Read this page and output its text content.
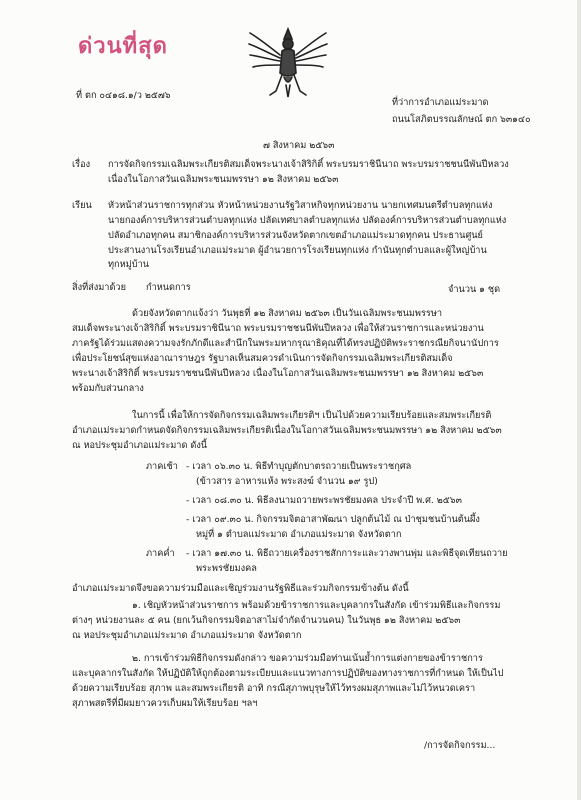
ด่วนที่สุด
ที่ ตก ๐๔๑๘.๑/ว ๒๕๗๖
ที่ว่าการอำเภอแม่ระมาด
ถนนโสภิตบรรณลักษณ์ ตก ๖๓๑๔๐
๗ สิงหาคม ๒๕๖๓
เรื่อง การจัดกิจกรรมเฉลิมพระเกียรติสมเด็จพระนางเจ้าสิริกิติ์ พระบรมราชินีนาถ พระบรมราชชนนีพันปีหลวง
เนื่องในโอกาสวันเฉลิมพระชนมพรรษา ๑๒ สิงหาคม ๒๕๖๓
เรียน หัวหน้าส่วนราชการทุกส่วน หัวหน้าหน่วยงานรัฐวิสาหกิจทุกหน่วยงาน นายกเทศมนตรีตำบลทุกแห่ง
นายกองค์การบริหารส่วนตำบลทุกแห่ง ปลัดเทศบาลตำบลทุกแห่ง ปลัดองค์การบริหารส่วนตำบลทุกแห่ง
ปลัดอำเภอทุกคน สมาชิกองค์การบริหารส่วนจังหวัดตากเขตอำเภอแม่ระมาดทุกคน ประธานศูนย์
ประสานงานโรงเรียนอำเภอแม่ระมาด ผู้อำนวยการโรงเรียนทุกแห่ง กำนันทุกตำบลและผู้ใหญ่บ้าน
ทุกหมู่บ้าน
สิ่งที่ส่งมาด้วย กำหนดการ	จำนวน ๑ ชุด
ด้วยจังหวัดตากแจ้งว่า วันพุธที่ ๑๒ สิงหาคม ๒๕๖๓ เป็นวันเฉลิมพระชนมพรรษา
สมเด็จพระนางเจ้าสิริกิติ์ พระบรมราชินีนาถ พระบรมราชชนนีพันปีหลวง เพื่อให้ส่วนราชการและหน่วยงาน
ภาครัฐได้ร่วมแสดงความจงรักภักดีและสำนึกในพระมหากรุณาธิคุณที่ได้ทรงปฏิบัติพระราชกรณียกิจนานัปการ
เพื่อประโยชน์สุขแห่งอาณาราษฎร รัฐบาลเห็นสมควรดำเนินการจัดกิจกรรมเฉลิมพระเกียรติสมเด็จ
พระนางเจ้าสิริกิติ์ พระบรมราชชนนีพันปีหลวง เนื่องในโอกาสวันเฉลิมพระชนมพรรษา ๑๒ สิงหาคม ๒๕๖๓
พร้อมกับส่วนกลาง
ในการนี้ เพื่อให้การจัดกิจกรรมเฉลิมพระเกียรติฯ เป็นไปด้วยความเรียบร้อยและสมพระเกียรติ
อำเภอแม่ระมาดกำหนดจัดกิจกรรมเฉลิมพระเกียรติเนื่องในโอกาสวันเฉลิมพระชนมพรรษา ๑๒ สิงหาคม ๒๕๖๓
ณ หอประชุมอำเภอแม่ระมาด ดังนี้
ภาคเช้า - เวลา ๐๖.๓๐ น. พิธีทำบุญตักบาตรถวายเป็นพระราชกุศล
(ข้าวสาร อาหารแห้ง พระสงฆ์ จำนวน ๑๙ รูป)
- เวลา ๐๘.๓๐ น. พิธีลงนามถวายพระพรชัยมงคล ประจำปี พ.ศ. ๒๕๖๓
- เวลา ๐๙.๓๐ น. กิจกรรมจิตอาสาพัฒนา ปลูกต้นไม้ ณ ป่าชุมชนบ้านต้นผึ้ง
หมู่ที่ ๑ ตำบลแม่ระมาด อำเภอแม่ระมาด จังหวัดตาก
ภาคค่ำ - เวลา ๑๗.๓๐ น. พิธีถวายเครื่องราชสักการะและวางพานพุ่ม และพิธีจุดเทียนถวาย
พระพรชัยมงคล
อำเภอแม่ระมาดจึงขอความร่วมมือและเชิญร่วมงานรัฐพิธีและร่วมกิจกรรมข้างต้น ดังนี้
๑. เชิญหัวหน้าส่วนราชการ พร้อมด้วยข้าราชการและบุคลากรในสังกัด เข้าร่วมพิธีและกิจกรรม
ต่างๆ หน่วยงานละ ๕ คน (ยกเว้นกิจกรรมจิตอาสาไม่จำกัดจำนวนคน) ในวันพุธ ๑๒ สิงหาคม ๒๕๖๓
ณ หอประชุมอำเภอแม่ระมาด อำเภอแม่ระมาด จังหวัดตาก
๒. การเข้าร่วมพิธีกิจกรรมดังกล่าว ขอความร่วมมือท่านเน้นย้ำการแต่งกายของข้าราชการ
และบุคลากรในสังกัด ให้ปฏิบัติให้ถูกต้องตามระเบียบและแนวทางการปฏิบัติของทางราชการที่กำหนด ให้เป็นไป
ด้วยความเรียบร้อย สุภาพ และสมพระเกียรติ อาทิ กรณีสุภาพบุรุษให้ไว้ทรงผมสุภาพและไม่ไว้หนวดเครา
สุภาพสตรีที่มีผมยาวควรเก็บผมให้เรียบร้อย ฯลฯ
/การจัดกิจกรรม...
